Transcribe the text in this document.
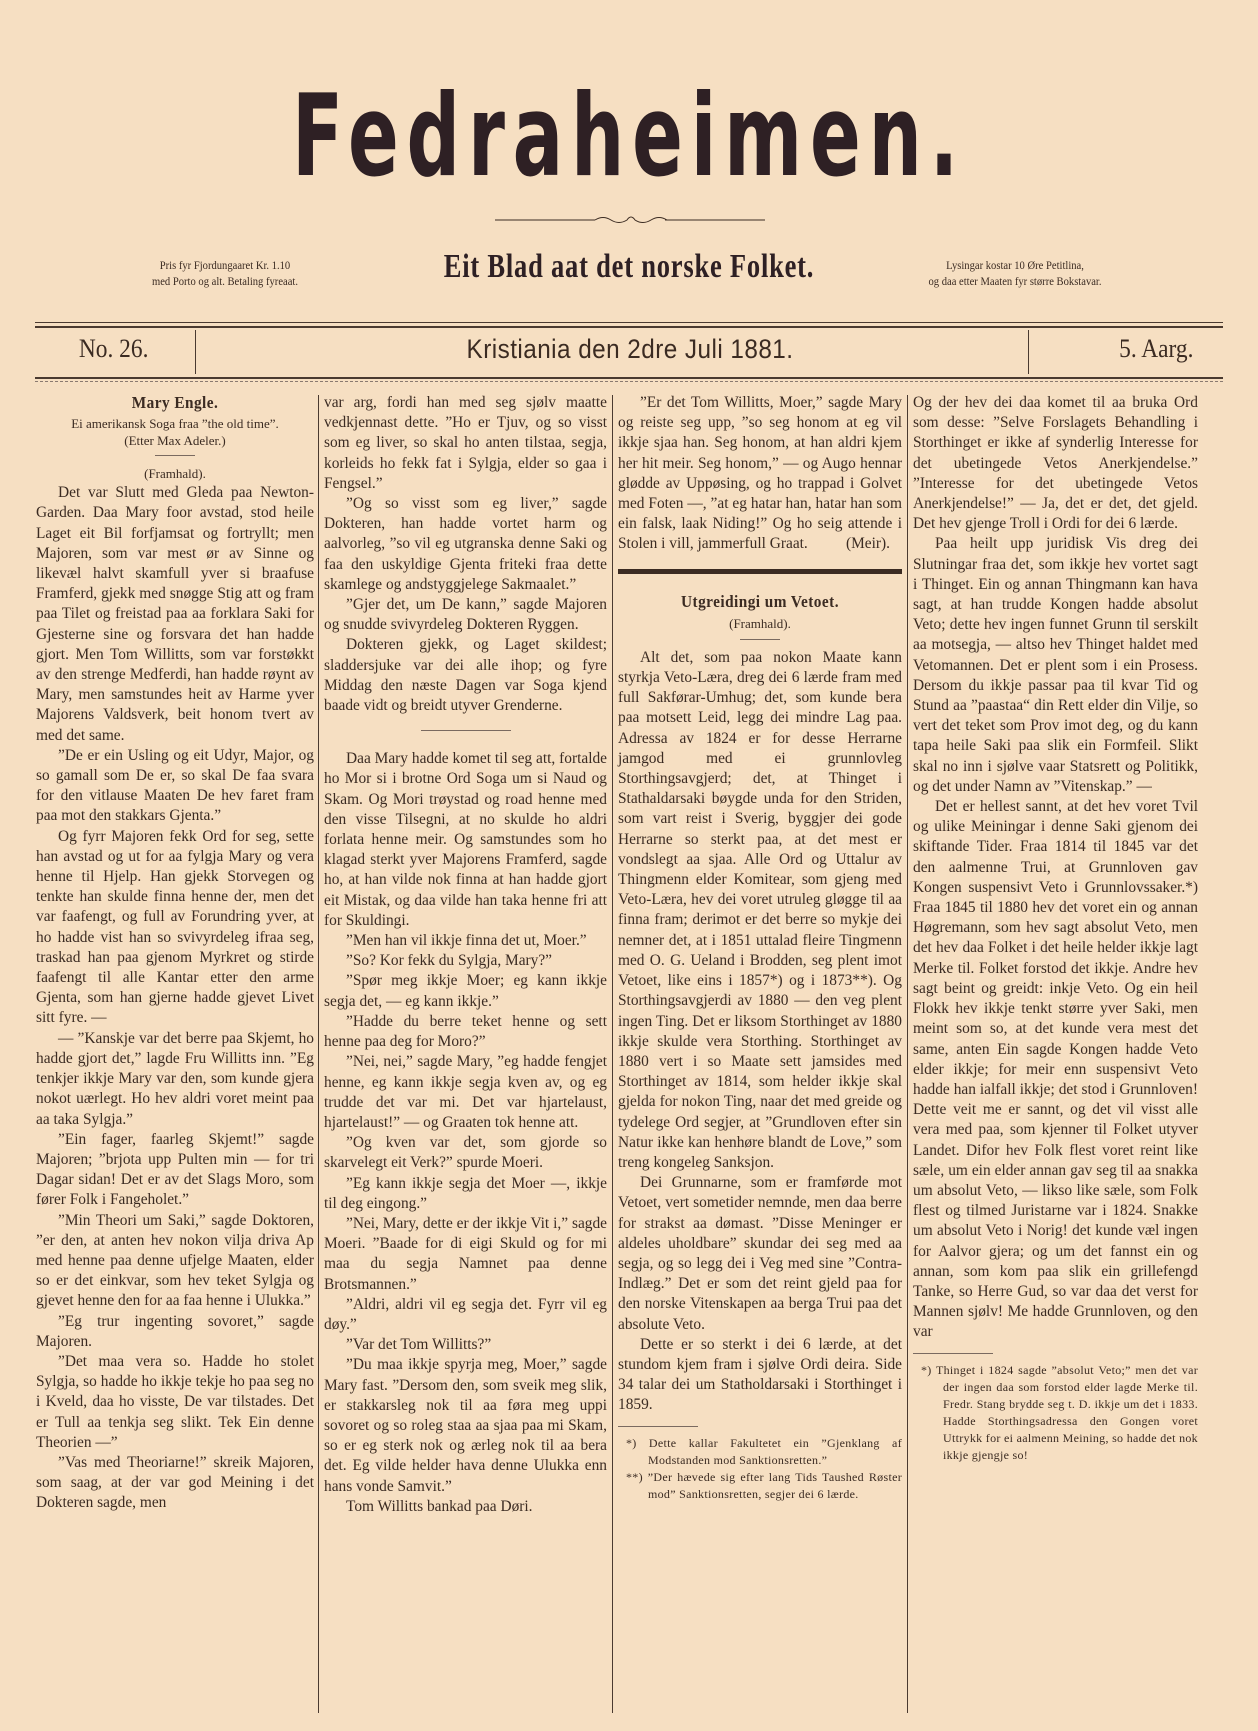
Fedraheimen.
Pris fyr Fjordungaaret Kr. 1.10
med Porto og alt. Betaling fyreaat.	Eit Blad aat det norske Folket.	Lysingar kostar 10 Øre Petitlina,
og daa etter Maaten fyr større Bokstavar.
No. 26.	Kristiania den 2dre Juli 1881.	5. Aarg.

Mary Engle.

Ei amerikansk Soga fraa ”the old time”.

(Etter Max Adeler.)

(Framhald).

Det var Slutt med Gleda paa Newton-Garden. Daa Mary foor avstad, stod heile Laget eit Bil forfjamsat og fortryllt; men Majoren, som var mest ør av Sinne og likevæl halvt skamfull yver si braafuse Framferd, gjekk med snøgge Stig att og fram paa Tilet og freistad paa aa forklara Saki for Gjesterne sine og forsvara det han hadde gjort. Men Tom Willitts, som var forstøkkt av den strenge Medferdi, han hadde røynt av Mary, men samstundes heit av Harme yver Majorens Valdsverk, beit honom tvert av med det same.

”De er ein Usling og eit Udyr, Major, og so gamall som De er, so skal De faa svara for den vitlause Maaten De hev faret fram paa mot den stakkars Gjenta.”

Og fyrr Majoren fekk Ord for seg, sette han avstad og ut for aa fylgja Mary og vera henne til Hjelp. Han gjekk Storvegen og tenkte han skulde finna henne der, men det var faafengt, og full av Forundring yver, at ho hadde vist han so svivyrdeleg ifraa seg, traskad han paa gjenom Myrkret og stirde faafengt til alle Kantar etter den arme Gjenta, som han gjerne hadde gjevet Livet sitt fyre. —

— ”Kanskje var det berre paa Skjemt, ho hadde gjort det,” lagde Fru Willitts inn. ”Eg tenkjer ikkje Mary var den, som kunde gjera nokot uærlegt. Ho hev aldri voret meint paa aa taka Sylgja.”

”Ein fager, faarleg Skjemt!” sagde Majoren; ”brjota upp Pulten min — for tri Dagar sidan! Det er av det Slags Moro, som fører Folk i Fangeholet.”

”Min Theori um Saki,” sagde Doktoren, ”er den, at anten hev nokon vilja driva Ap med henne paa denne ufjelge Maaten, elder so er det einkvar, som hev teket Sylgja og gjevet henne den for aa faa henne i Ulukka.”

”Eg trur ingenting sovoret,” sagde Majoren.

”Det maa vera so. Hadde ho stolet Sylgja, so hadde ho ikkje tekje ho paa seg no i Kveld, daa ho visste, De var tilstades. Det er Tull aa tenkja seg slikt. Tek Ein denne Theorien —”

”Vas med Theoriarne!” skreik Majoren, som saag, at der var god Meining i det Dokteren sagde, men

var arg, fordi han med seg sjølv maatte vedkjennast dette. ”Ho er Tjuv, og so visst som eg liver, so skal ho anten tilstaa, segja, korleids ho fekk fat i Sylgja, elder so gaa i Fengsel.”

”Og so visst som eg liver,” sagde Dokteren, han hadde vortet harm og aalvorleg, ”so vil eg utgranska denne Saki og faa den uskyldige Gjenta friteki fraa dette skamlege og andstyggjelege Sakmaalet.”

”Gjer det, um De kann,” sagde Majoren og snudde svivyrdeleg Dokteren Ryggen.

Dokteren gjekk, og Laget skildest; sladdersjuke var dei alle ihop; og fyre Middag den næste Dagen var Soga kjend baade vidt og breidt utyver Grenderne.

Daa Mary hadde komet til seg att, fortalde ho Mor si i brotne Ord Soga um si Naud og Skam. Og Mori trøystad og road henne med den visse Tilsegni, at no skulde ho aldri forlata henne meir. Og samstundes som ho klagad sterkt yver Majorens Framferd, sagde ho, at han vilde nok finna at han hadde gjort eit Mistak, og daa vilde han taka henne fri att for Skuldingi.

”Men han vil ikkje finna det ut, Moer.”

”So? Kor fekk du Sylgja, Mary?”

”Spør meg ikkje Moer; eg kann ikkje segja det, — eg kann ikkje.”

”Hadde du berre teket henne og sett henne paa deg for Moro?”

”Nei, nei,” sagde Mary, ”eg hadde fengjet henne, eg kann ikkje segja kven av, og eg trudde det var mi. Det var hjartelaust, hjartelaust!” — og Graaten tok henne att.

”Og kven var det, som gjorde so skarvelegt eit Verk?” spurde Moeri.

”Eg kann ikkje segja det Moer —, ikkje til deg eingong.”

”Nei, Mary, dette er der ikkje Vit i,” sagde Moeri. ”Baade for di eigi Skuld og for mi maa du segja Namnet paa denne Brotsmannen.”

”Aldri, aldri vil eg segja det. Fyrr vil eg døy.”

”Var det Tom Willitts?”

”Du maa ikkje spyrja meg, Moer,” sagde Mary fast. ”Dersom den, som sveik meg slik, er stakkarsleg nok til aa føra meg uppi sovoret og so roleg staa aa sjaa paa mi Skam, so er eg sterk nok og ærleg nok til aa bera det. Eg vilde helder hava denne Ulukka enn hans vonde Samvit.”

Tom Willitts bankad paa Døri.

”Er det Tom Willitts, Moer,” sagde Mary og reiste seg upp, ”so seg honom at eg vil ikkje sjaa han. Seg honom, at han aldri kjem her hit meir. Seg honom,” — og Augo hennar glødde av Uppøsing, og ho trappad i Golvet med Foten —, ”at eg hatar han, hatar han som ein falsk, laak Niding!” Og ho seig attende i Stolen i vill, jammerfull Graat.	(Meir).

Utgreidingi um Vetoet.

(Framhald).

Alt det, som paa nokon Maate kann styrkja Veto-Læra, dreg dei 6 lærde fram med full Sakførar-Umhug; det, som kunde bera paa motsett Leid, legg dei mindre Lag paa. Adressa av 1824 er for desse Herrarne jamgod med ei grunnlovleg Storthingsavgjerd; det, at Thinget i Stathaldarsaki bøygde unda for den Striden, som vart reist i Sverig, byggjer dei gode Herrarne so sterkt paa, at det mest er vondslegt aa sjaa. Alle Ord og Uttalur av Thingmenn elder Komitear, som gjeng med Veto-Læra, hev dei voret utruleg gløgge til aa finna fram; derimot er det berre so mykje dei nemner det, at i 1851 uttalad fleire Tingmenn med O. G. Ueland i Brodden, seg plent imot Vetoet, like eins i 1857*) og i 1873**). Og Storthingsavgjerdi av 1880 — den veg plent ingen Ting. Det er liksom Storthinget av 1880 ikkje skulde vera Storthing. Storthinget av 1880 vert i so Maate sett jamsides med Storthinget av 1814, som helder ikkje skal gjelda for nokon Ting, naar det med greide og tydelege Ord segjer, at ”Grundloven efter sin Natur ikke kan henhøre blandt de Love,” som treng kongeleg Sanksjon.

Dei Grunnarne, som er framførde mot Vetoet, vert sometider nemnde, men daa berre for strakst aa dømast. ”Disse Meninger er aldeles uholdbare” skundar dei seg med aa segja, og so legg dei i Veg med sine ”Contra-Indlæg.” Det er som det reint gjeld paa for den norske Vitenskapen aa berga Trui paa det absolute Veto.

Dette er so sterkt i dei 6 lærde, at det stundom kjem fram i sjølve Ordi deira. Side 34 talar dei um Statholdarsaki i Storthinget i 1859.

*) Dette kallar Fakultetet ein ”Gjenklang af Modstanden mod Sanktionsretten.”

**) ”Der hævede sig efter lang Tids Taushed Røster mod” Sanktionsretten, segjer dei 6 lærde.

Og der hev dei daa komet til aa bruka Ord som desse: ”Selve Forslagets Behandling i Storthinget er ikke af synderlig Interesse for det ubetingede Vetos Anerkjendelse.” ”Interesse for det ubetingede Vetos Anerkjendelse!” — Ja, det er det, det gjeld. Det hev gjenge Troll i Ordi for dei 6 lærde.

Paa heilt upp juridisk Vis dreg dei Slutningar fraa det, som ikkje hev vortet sagt i Thinget. Ein og annan Thingmann kan hava sagt, at han trudde Kongen hadde absolut Veto; dette hev ingen funnet Grunn til serskilt aa motsegja, — altso hev Thinget haldet med Vetomannen. Det er plent som i ein Prosess. Dersom du ikkje passar paa til kvar Tid og Stund aa ”paastaa“ din Rett elder din Vilje, so vert det teket som Prov imot deg, og du kann tapa heile Saki paa slik ein Formfeil. Slikt skal no inn i sjølve vaar Statsrett og Politikk, og det under Namn av ”Vitenskap.” —

Det er hellest sannt, at det hev voret Tvil og ulike Meiningar i denne Saki gjenom dei skiftande Tider. Fraa 1814 til 1845 var det den aalmenne Trui, at Grunnloven gav Kongen suspensivt Veto i Grunnlovssaker.*) Fraa 1845 til 1880 hev det voret ein og annan Høgremann, som hev sagt absolut Veto, men det hev daa Folket i det heile helder ikkje lagt Merke til. Folket forstod det ikkje. Andre hev sagt beint og greidt: inkje Veto. Og ein heil Flokk hev ikkje tenkt større yver Saki, men meint som so, at det kunde vera mest det same, anten Ein sagde Kongen hadde Veto elder ikkje; for meir enn suspensivt Veto hadde han ialfall ikkje; det stod i Grunnloven! Dette veit me er sannt, og det vil visst alle vera med paa, som kjenner til Folket utyver Landet. Difor hev Folk flest voret reint like sæle, um ein elder annan gav seg til aa snakka um absolut Veto, — likso like sæle, som Folk flest og tilmed Juristarne var i 1824. Snakke um absolut Veto i Norig! det kunde væl ingen for Aalvor gjera; og um det fannst ein og annan, som kom paa slik ein grillefengd Tanke, so Herre Gud, so var daa det verst for Mannen sjølv! Me hadde Grunnloven, og den var

*) Thinget i 1824 sagde ”absolut Veto;” men det var der ingen daa som forstod elder lagde Merke til. Fredr. Stang brydde seg t. D. ikkje um det i 1833. Hadde Storthingsadressa den Gongen voret Uttrykk for ei aalmenn Meining, so hadde det nok ikkje gjengje so!
